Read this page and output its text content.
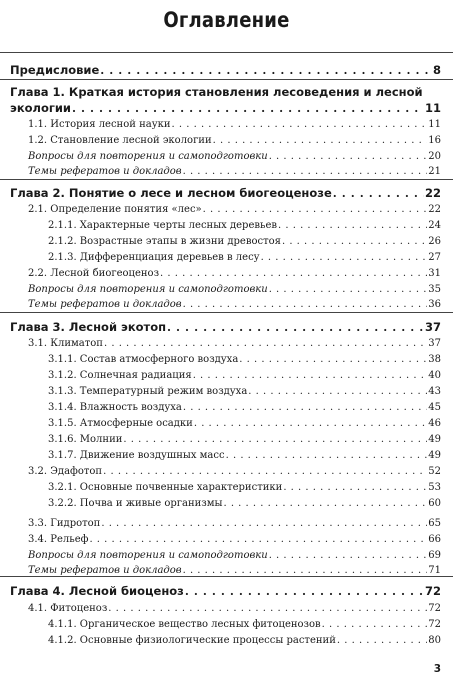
Оглавление
Предисловие . . .	8
Глава 1. Краткая история становления лесоведения и лесной
экологии . . .	11
1.1. История лесной науки . . .	11
1.2. Становление лесной экологии . . .	16
Вопросы для повторения и самоподготовки . . .	20
Темы рефератов и докладов . . .	21
Глава 2. Понятие о лесе и лесном биогеоценозе . . .	22
2.1. Определение понятия «лес» . . .	22
2.1.1. Характерные черты лесных деревьев . . .	24
2.1.2. Возрастные этапы в жизни древостоя . . .	26
2.1.3. Дифференциация деревьев в лесу . . .	27
2.2. Лесной биогеоценоз . . .	31
Вопросы для повторения и самоподготовки . . .	35
Темы рефератов и докладов . . .	36
Глава 3. Лесной экотоп . . .	37
3.1. Климатоп . . .	37
3.1.1. Состав атмосферного воздуха . . .	38
3.1.2. Солнечная радиация . . .	40
3.1.3. Температурный режим воздуха . . .	43
3.1.4. Влажность воздуха . . .	45
3.1.5. Атмосферные осадки . . .	46
3.1.6. Молнии . . .	49
3.1.7. Движение воздушных масс . . .	49
3.2. Эдафотоп . . .	52
3.2.1. Основные почвенные характеристики . . .	53
3.2.2. Почва и живые организмы . . .	60
3.3. Гидротоп . . .	65
3.4. Рельеф . . .	66
Вопросы для повторения и самоподготовки . . .	69
Темы рефератов и докладов . . .	71
Глава 4. Лесной биоценоз . . .	72
4.1. Фитоценоз . . .	72
4.1.1. Органическое вещество лесных фитоценозов . . .	72
4.1.2. Основные физиологические процессы растений . . .	80
3
